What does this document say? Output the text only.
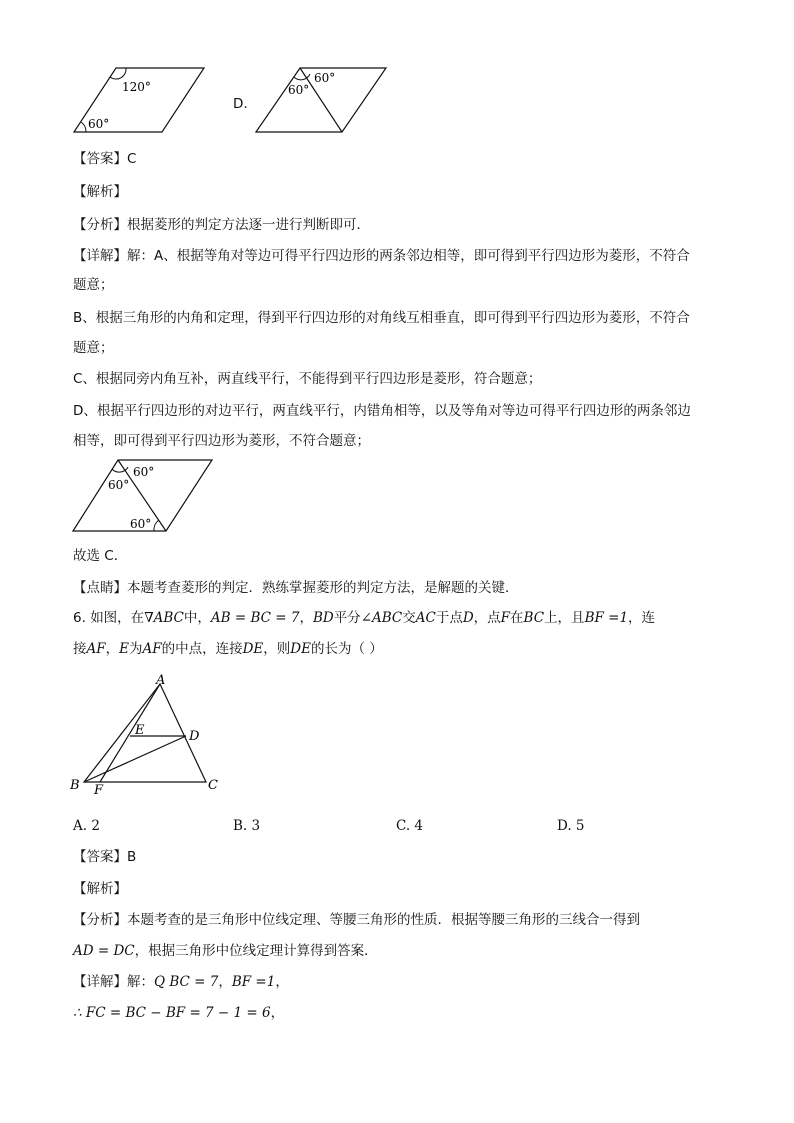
120°
60°
D.
60°
60°
【答案】C
【解析】
【分析】根据菱形的判定方法逐一进行判断即可．
【详解】解：A、根据等角对等边可得平行四边形的两条邻边相等，即可得到平行四边形为菱形，不符合
题意；
B、根据三角形的内角和定理，得到平行四边形的对角线互相垂直，即可得到平行四边形为菱形，不符合
题意；
C、根据同旁内角互补，两直线平行，不能得到平行四边形是菱形，符合题意；
D、根据平行四边形的对边平行，两直线平行，内错角相等，以及等角对等边可得平行四边形的两条邻边
相等，即可得到平行四边形为菱形，不符合题意；
60°
60°
60°
故选 C．
【点睛】本题考查菱形的判定．熟练掌握菱形的判定方法，是解题的关键．
6. 如图，在∇ABC中，AB = BC = 7，BD平分∠ABC交AC于点D，点F在BC上，且BF =1，连
接AF，E为AF的中点，连接DE，则DE的长为（ ）
A
B	C
D
E
F
A. 2	B. 3	C. 4	D. 5
【答案】B
【解析】
【分析】本题考查的是三角形中位线定理、等腰三角形的性质．根据等腰三角形的三线合一得到
AD = DC，根据三角形中位线定理计算得到答案．
【详解】解：Q BC = 7，BF =1，
∴ FC = BC − BF = 7 − 1 = 6，
